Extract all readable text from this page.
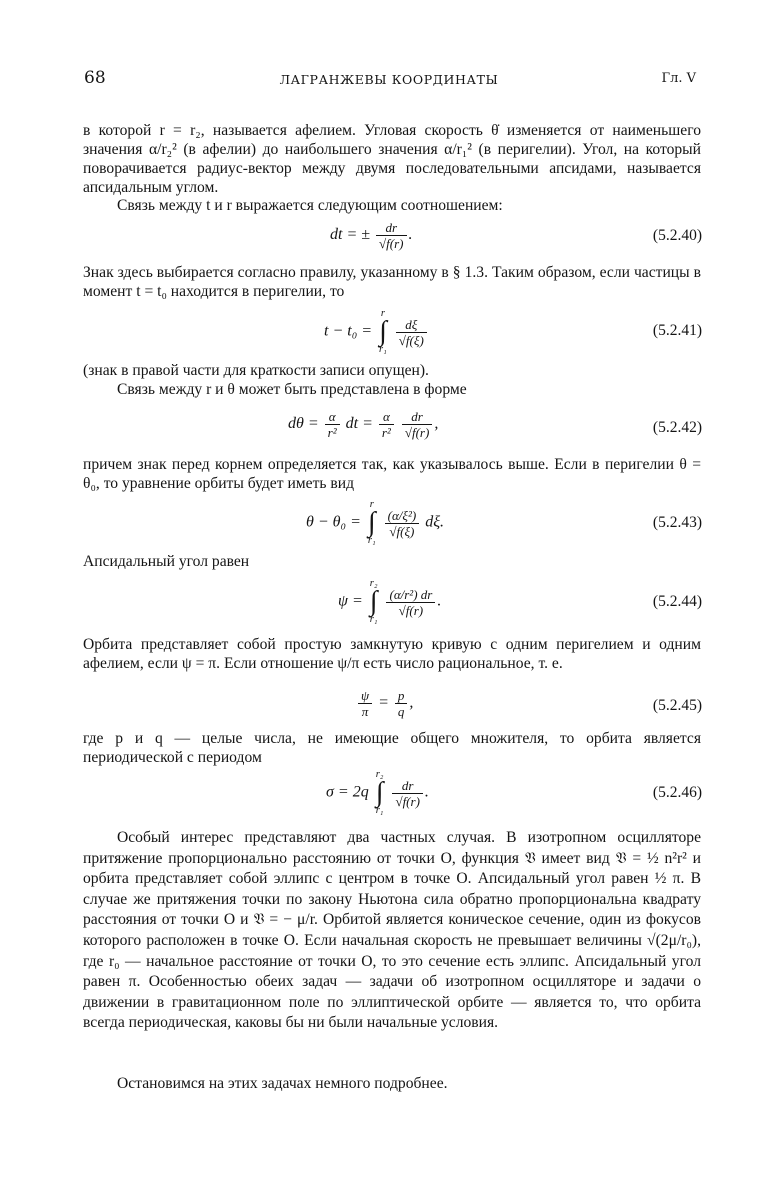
68	ЛАГРАНЖЕВЫ КООРДИНАТЫ	Гл. V

в которой r = r₂, называется афелием. Угловая скорость θ̇ изменяется от наименьшего значения α/r₂² (в афелии) до наибольшего значения α/r₁² (в перигелии). Угол, на который поворачивается радиус-вектор между двумя последовательными апсидами, называется апсидальным углом.

Связь между t и r выражается следующим соотношением:

dt = ± $\frac{dr}{√f(r)}$ .	(5.2.40)

Знак здесь выбирается согласно правилу, указанному в § 1.3. Таким образом, если частицы в момент t = t₀ находится в перигелии, то

t − t₀ = r
∫
r₁
$\frac{d\xi}{√f(\xi)}$	(5.2.41)

(знак в правой части для краткости записи опущен).

Связь между r и θ может быть представлена в форме

$d\theta = \frac{\alpha}{\text{r²}}$ dt = $\frac{\alpha}{\text{r²}}$
$\frac{dr}{√f(r)}$ ,	(5.2.42)

причем знак перед корнем определяется так, как указывалось выше. Если в перигелии θ = θ₀, то уравнение орбиты будет иметь вид

θ − θ₀ = r
∫
r₁
$\frac{\text{(α/ξ²)}}{√f(\xi)} d\xi$.	(5.2.43)

Апсидальный угол равен

ψ = r₂
∫
r₁
$\frac{\text{(α/r²) dr}}{√f(r)}$ .	(5.2.44)

Орбита представляет собой простую замкнутую кривую с одним перигелием и одним афелием, если ψ = π. Если отношение ψ/π есть число рациональное, т. е.

$\frac{\psi}{\pi} = \frac{p}{q}$ ,	(5.2.45)

где p и q — целые числа, не имеющие общего множителя, то орбита является периодической с периодом

σ = 2q r₂
∫
r₁
$\frac{dr}{√f(r)}$ .	(5.2.46)

Особый интерес представляют два частных случая. В изотропном осцилляторе притяжение пропорционально расстоянию от точки O, функция 𝔙 имеет вид 𝔙 = ½ n²r² и орбита представляет собой эллипс с центром в точке O. Апсидальный угол равен ½ π. В случае же притяжения точки по закону Ньютона сила обратно пропорциональна квадрату расстояния от точки O и 𝔙 = − μ/r. Орбитой является коническое сечение, один из фокусов которого расположен в точке O. Если начальная скорость не превышает величины √(2μ/r₀), где r₀ — начальное расстояние от точки O, то это сечение есть эллипс. Апсидальный угол равен π. Особенностью обеих задач — задачи об изотропном осцилляторе и задачи о движении в гравитационном поле по эллиптической орбите — является то, что орбита всегда периодическая, каковы бы ни были начальные условия.

Остановимся на этих задачах немного подробнее.
